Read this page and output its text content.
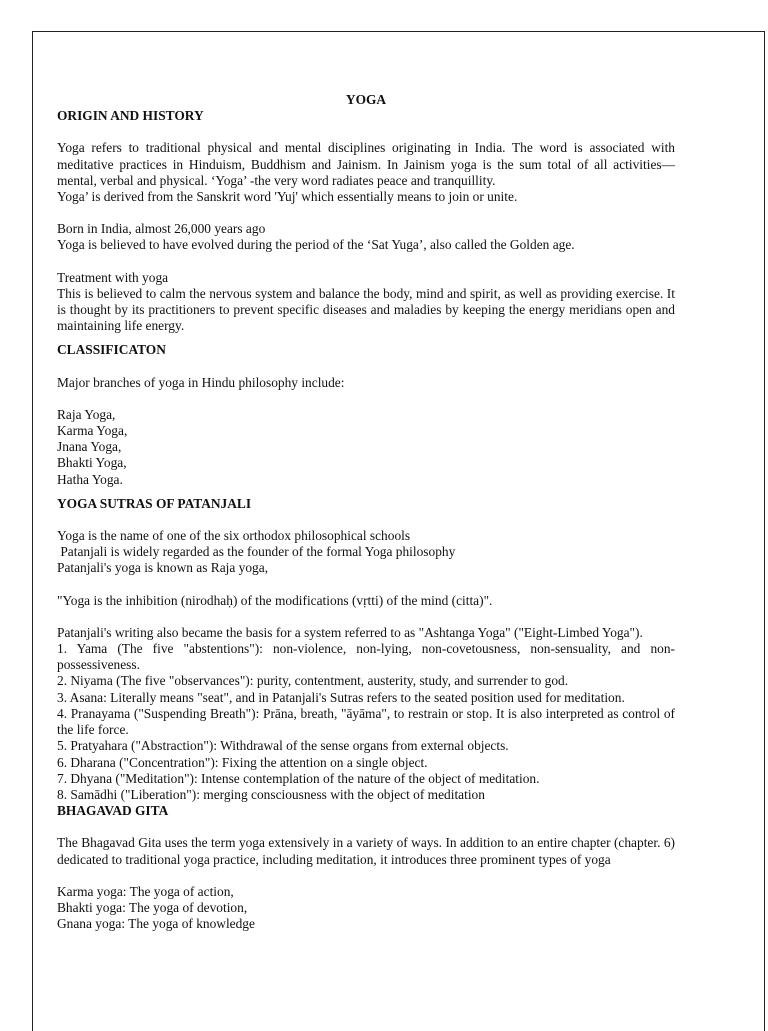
YOGA
ORIGIN AND HISTORY
Yoga refers to traditional physical and mental disciplines originating in India. The word is associated with meditative practices in Hinduism, Buddhism and Jainism. In Jainism yoga is the sum total of all activities—mental, verbal and physical. ‘Yoga’ -the very word radiates peace and tranquillity.
Yoga’ is derived from the Sanskrit word 'Yuj' which essentially means to join or unite.
Born in India, almost 26,000 years ago
Yoga is believed to have evolved during the period of the ‘Sat Yuga’, also called the Golden age.
Treatment with yoga
This is believed to calm the nervous system and balance the body, mind and spirit, as well as providing exercise. It is thought by its practitioners to prevent specific diseases and maladies by keeping the energy meridians open and maintaining life energy.
CLASSIFICATON
Major branches of yoga in Hindu philosophy include:
Raja Yoga,
Karma Yoga,
Jnana Yoga,
Bhakti Yoga,
Hatha Yoga.
YOGA SUTRAS OF PATANJALI
Yoga is the name of one of the six orthodox philosophical schools
Patanjali is widely regarded as the founder of the formal Yoga philosophy
Patanjali's yoga is known as Raja yoga,
"Yoga is the inhibition (nirodhaḥ) of the modifications (vṛtti) of the mind (citta)".
Patanjali's writing also became the basis for a system referred to as "Ashtanga Yoga" ("Eight-Limbed Yoga").
1. Yama (The five "abstentions"): non-violence, non-lying, non-covetousness, non-sensuality, and non-possessiveness.
2. Niyama (The five "observances"): purity, contentment, austerity, study, and surrender to god.
3. Asana: Literally means "seat", and in Patanjali's Sutras refers to the seated position used for meditation.
4. Pranayama ("Suspending Breath"): Prāna, breath, "āyāma", to restrain or stop. It is also interpreted as control of the life force.
5. Pratyahara ("Abstraction"): Withdrawal of the sense organs from external objects.
6. Dharana ("Concentration"): Fixing the attention on a single object.
7. Dhyana ("Meditation"): Intense contemplation of the nature of the object of meditation.
8. Samādhi ("Liberation"): merging consciousness with the object of meditation
BHAGAVAD GITA
The Bhagavad Gita uses the term yoga extensively in a variety of ways. In addition to an entire chapter (chapter. 6) dedicated to traditional yoga practice, including meditation, it introduces three prominent types of yoga
Karma yoga: The yoga of action,
Bhakti yoga: The yoga of devotion,
Gnana yoga: The yoga of knowledge
